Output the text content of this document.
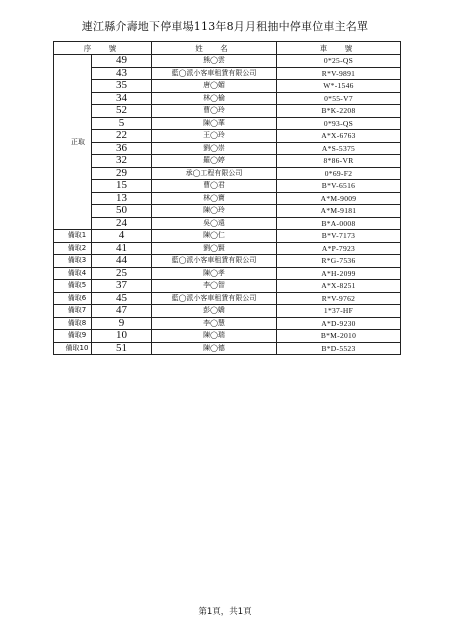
連江縣介壽地下停車場113年8月月租抽中停車位車主名單
序　號		姓　名	車　號
正取	49	熊◯雲	0*25-QS
	43	藍◯派小客車租賃有限公司	R*V-9891
	35	唐◯媚	W*-1546
	34	林◯榆	0*55-V7
	52	曹◯玲	B*K-2208
	5	陳◯華	0*93-QS
	22	王◯玲	A*X-6763
	36	劉◯崇	A*S-5375
	32	羅◯婷	8*86-VR
	29	承◯工程有限公司	0*69-F2
	15	曹◯君	B*V-6516
	13	林◯寶	A*M-9009
	50	陳◯玲	A*M-9181
	24	吳◯遠	B*A-0008
備取1	4	陳◯仁	B*V-7173
備取2	41	劉◯賢	A*P-7923
備取3	44	藍◯派小客車租賃有限公司	R*G-7536
備取4	25	陳◯孝	A*H-2099
備取5	37	李◯智	A*X-8251
備取6	45	藍◯派小客車租賃有限公司	R*V-9762
備取7	47	彭◯嬌	1*37-HF
備取8	9	李◯慧	A*D-9230
備取9	10	陳◯瑞	B*M-2010
備取10	51	陳◯德	B*D-5523
第1頁，共1頁
